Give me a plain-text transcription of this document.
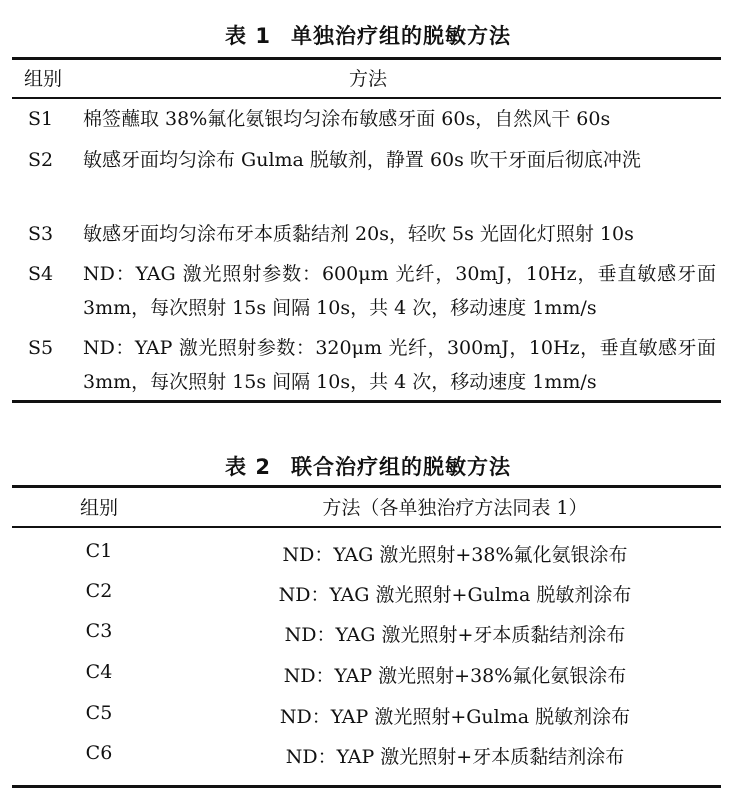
表 1 单独治疗组的脱敏方法
组别	方法
S1 棉签蘸取 38%氟化氨银均匀涂布敏感牙面 60s，自然风干 60s
S2 敏感牙面均匀涂布 Gulma 脱敏剂，静置 60s 吹干牙面后彻底冲洗
S3 敏感牙面均匀涂布牙本质黏结剂 20s，轻吹 5s 光固化灯照射 10s
S4 ND：YAG 激光照射参数：600μm 光纤，30mJ，10Hz，垂直敏感牙面 3mm，每次照射 15s 间隔 10s，共 4 次，移动速度 1mm/s
S5 ND：YAP 激光照射参数：320μm 光纤，300mJ，10Hz，垂直敏感牙面 3mm，每次照射 15s 间隔 10s，共 4 次，移动速度 1mm/s
表 2 联合治疗组的脱敏方法
组别	方法（各单独治疗方法同表 1）
C1	ND：YAG 激光照射+38%氟化氨银涂布
C2	ND：YAG 激光照射+Gulma 脱敏剂涂布
C3	ND：YAG 激光照射+牙本质黏结剂涂布
C4	ND：YAP 激光照射+38%氟化氨银涂布
C5	ND：YAP 激光照射+Gulma 脱敏剂涂布
C6	ND：YAP 激光照射+牙本质黏结剂涂布
